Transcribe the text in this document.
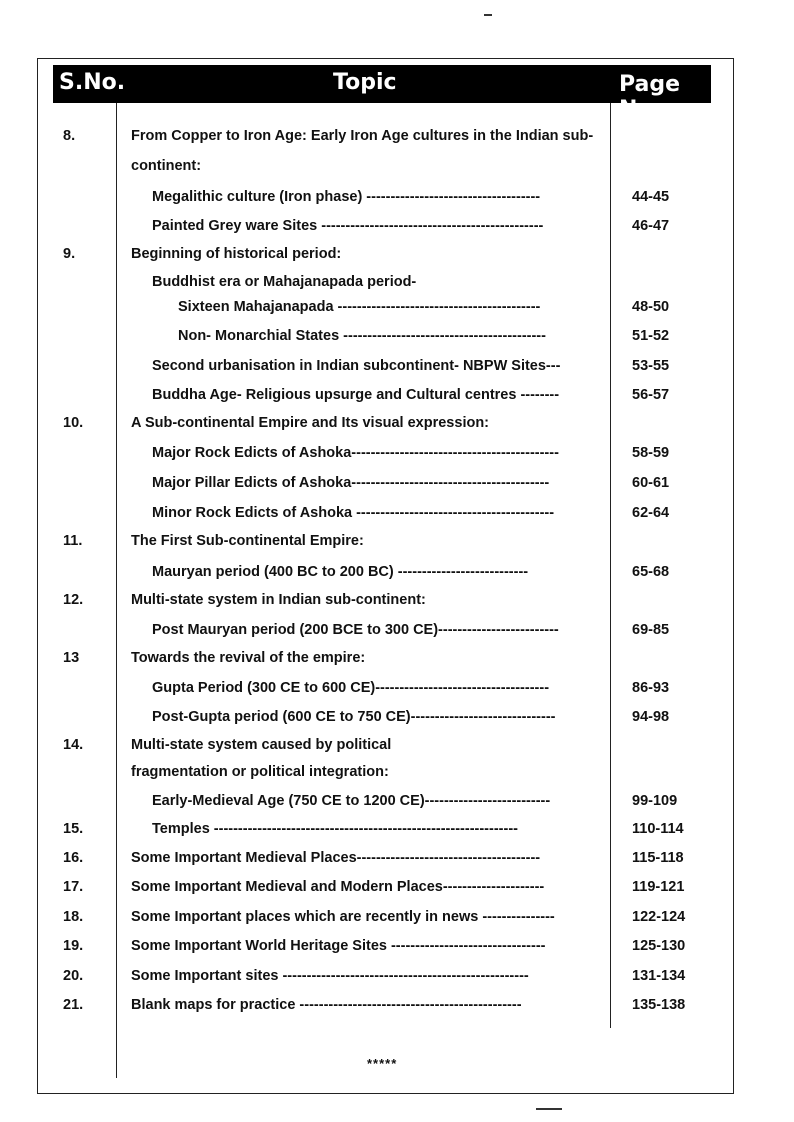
S.No.	Topic	Page No.
8.	From Copper to Iron Age: Early Iron Age cultures in the Indian sub-
continent:
Megalithic culture (Iron phase) ------------------------------------	44-45
Painted Grey ware Sites ----------------------------------------------	46-47
9.	Beginning of historical period:
Buddhist era or Mahajanapada period-
Sixteen Mahajanapada ------------------------------------------	48-50
Non- Monarchial States ------------------------------------------	51-52
Second urbanisation in Indian subcontinent- NBPW Sites---	53-55
Buddha Age- Religious upsurge and Cultural centres --------	56-57
10.	A Sub-continental Empire and Its visual expression:
Major Rock Edicts of Ashoka-------------------------------------------	58-59
Major Pillar Edicts of Ashoka-----------------------------------------	60-61
Minor Rock Edicts of Ashoka -----------------------------------------	62-64
11.	The First Sub-continental Empire:
Mauryan period (400 BC to 200 BC) ---------------------------	65-68
12.	Multi-state system in Indian sub-continent:
Post Mauryan period (200 BCE to 300 CE)-------------------------	69-85
13	Towards the revival of the empire:
Gupta Period (300 CE to 600 CE)------------------------------------	86-93
Post-Gupta period (600 CE to 750 CE)------------------------------	94-98
14.	Multi-state system caused by political
fragmentation or political integration:
Early-Medieval Age (750 CE to 1200 CE)--------------------------	99-109
15.	Temples ---------------------------------------------------------------	110-114
16.	Some Important Medieval Places--------------------------------------	115-118
17.	Some Important Medieval and Modern Places---------------------	119-121
18.	Some Important places which are recently in news ---------------	122-124
19.	Some Important World Heritage Sites --------------------------------	125-130
20.	Some Important sites ---------------------------------------------------	131-134
21.	Blank maps for practice ----------------------------------------------	135-138
*****
